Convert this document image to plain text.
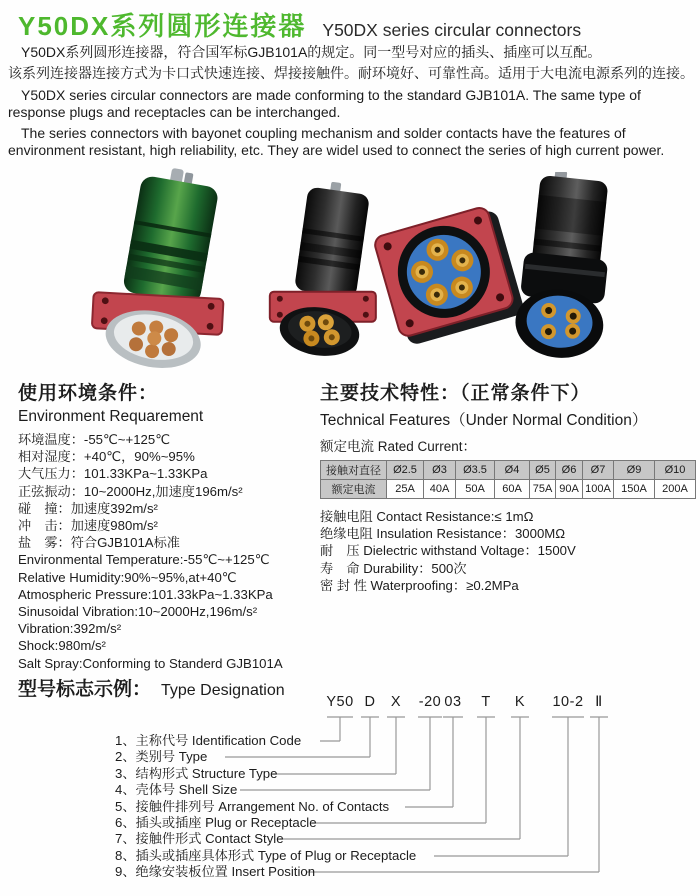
Y50DX系列圆形连接器 Y50DX series circular connectors
Y50DX系列圆形连接器，符合国军标GJB101A的规定。同一型号对应的插头、插座可以互配。
该系列连接器连接方式为卡口式快速连接、焊接接触件。耐环境好、可靠性高。适用于大电流电源系列的连接。

Y50DX series circular connectors are made conforming to the standard GJB101A. The same type of response plugs and receptacles can be interchanged.

The series connectors with bayonet coupling mechanism and solder contacts have the features of environment resistant, high reliability, etc. They are widel used to connect the series of high current power.

使用环境条件：
Environment Requarement
环境温度：-55℃~+125℃
相对湿度：+40℃，90%~95%
大气压力：101.33KPa~1.33KPa
正弦振动：10~2000Hz,加速度196m/s²
碰　撞：加速度392m/s²
冲　击：加速度980m/s²
盐　雾：符合GJB101A标准
Environmental Temperature:-55℃~+125℃
Relative Humidity:90%~95%,at+40℃
Atmospheric Pressure:101.33kPa~1.33KPa
Sinusoidal Vibration:10~2000Hz,196m/s²
Vibration:392m/s²
Shock:980m/s²
Salt Spray:Conforming to Standerd GJB101A
主要技术特性：（正常条件下）
Technical Features（Under Normal Condition）
额定电流 Rated Current：
接触对直径	Ø2.5	Ø3	Ø3.5	Ø4	Ø5	Ø6	Ø7	Ø9	Ø10
额定电流	25A	40A	50A	60A	75A	90A	100A	150A	200A
接触电阻 Contact Resistance:≤ 1mΩ
绝缘电阻 Insulation Resistance：3000MΩ
耐　压 Dielectric withstand Voltage：1500V
寿　命 Durability：500次
密 封 性 Waterproofing：≥0.2MPa
型号标志示例： Type Designation
Y50 D X -20 03 T K 10-2 Ⅱ
1、主称代号 Identification Code
2、类别号 Type
3、结构形式 Structure Type
4、壳体号 Shell Size
5、接触件排列号 Arrangement No. of Contacts
6、插头或插座 Plug or Receptacle
7、接触件形式 Contact Style
8、插头或插座具体形式 Type of Plug or Receptacle
9、绝缘安装板位置 Insert Position
